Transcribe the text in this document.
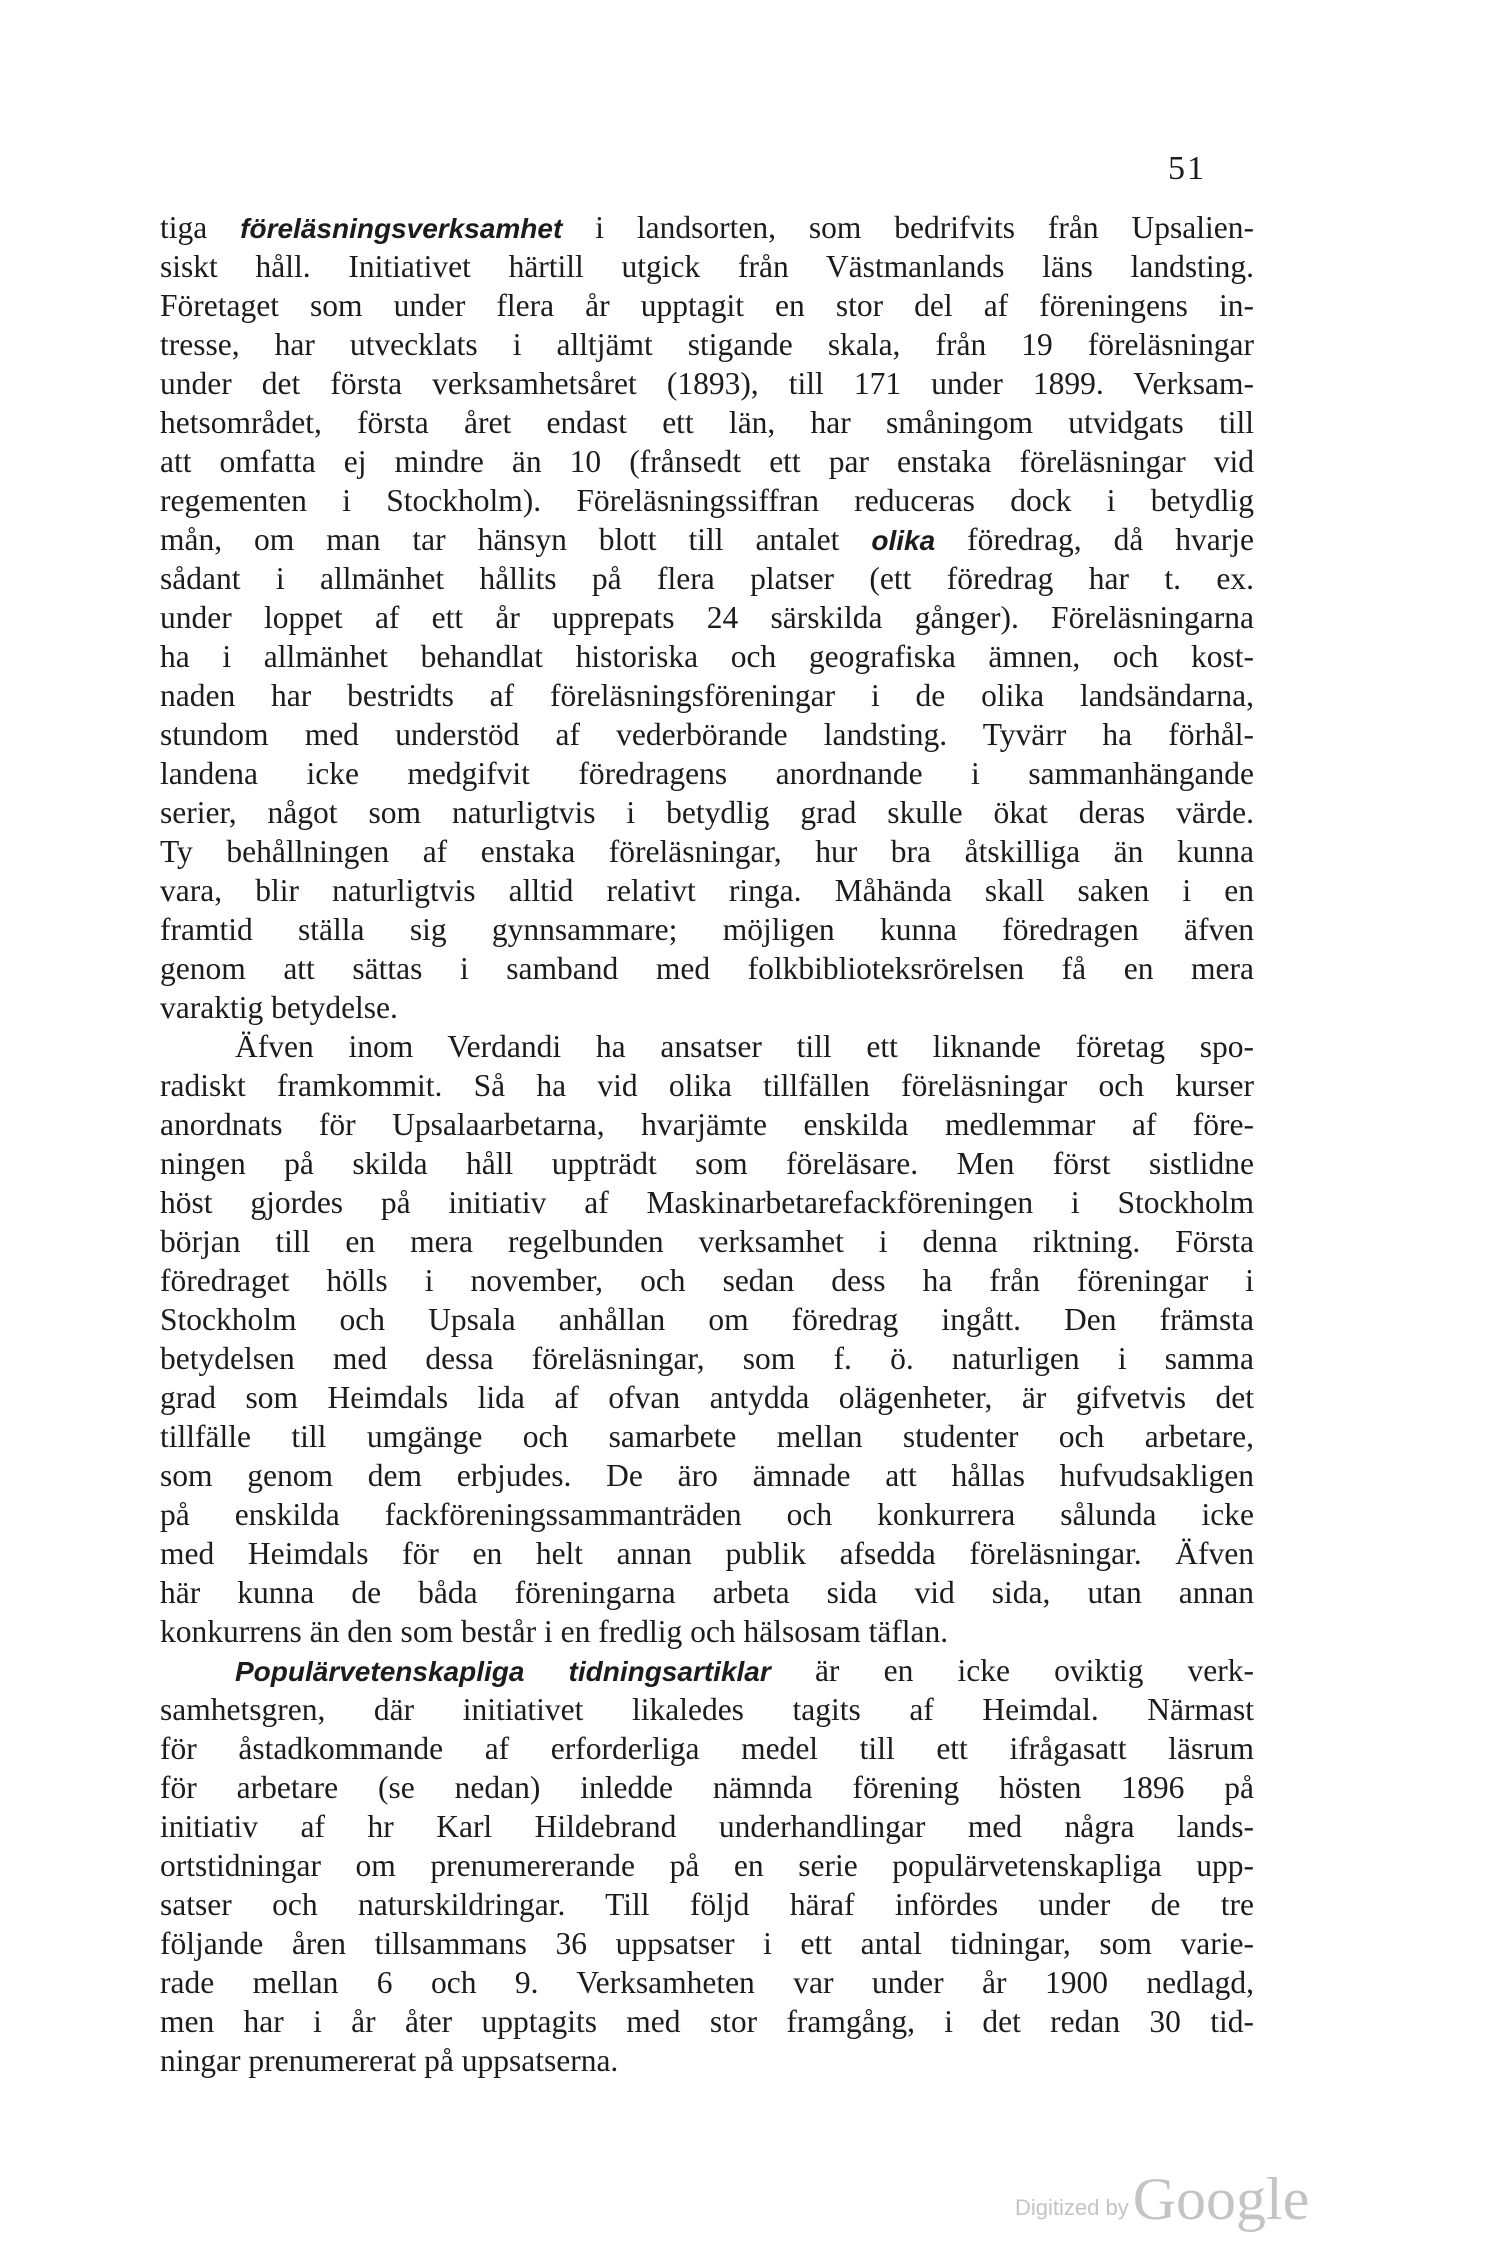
51
tiga föreläsningsverksamhet i landsorten, som bedrifvits från Upsalien-
siskt håll. Initiativet härtill utgick från Västmanlands läns landsting.
Företaget som under flera år upptagit en stor del af föreningens in-
tresse, har utvecklats i alltjämt stigande skala, från 19 föreläsningar
under det första verksamhetsåret (1893), till 171 under 1899. Verksam-
hetsområdet, första året endast ett län, har småningom utvidgats till
att omfatta ej mindre än 10 (frånsedt ett par enstaka föreläsningar vid
regementen i Stockholm). Föreläsningssiffran reduceras dock i betydlig
mån, om man tar hänsyn blott till antalet olika föredrag, då hvarje
sådant i allmänhet hållits på flera platser (ett föredrag har t. ex.
under loppet af ett år upprepats 24 särskilda gånger). Föreläsningarna
ha i allmänhet behandlat historiska och geografiska ämnen, och kost-
naden har bestridts af föreläsningsföreningar i de olika landsändarna,
stundom med understöd af vederbörande landsting. Tyvärr ha förhål-
landena icke medgifvit föredragens anordnande i sammanhängande
serier, något som naturligtvis i betydlig grad skulle ökat deras värde.
Ty behållningen af enstaka föreläsningar, hur bra åtskilliga än kunna
vara, blir naturligtvis alltid relativt ringa. Måhända skall saken i en
framtid ställa sig gynnsammare; möjligen kunna föredragen äfven
genom att sättas i samband med folkbiblioteksrörelsen få en mera
varaktig betydelse.
Äfven inom Verdandi ha ansatser till ett liknande företag spo-
radiskt framkommit. Så ha vid olika tillfällen föreläsningar och kurser
anordnats för Upsalaarbetarna, hvarjämte enskilda medlemmar af före-
ningen på skilda håll uppträdt som föreläsare. Men först sistlidne
höst gjordes på initiativ af Maskinarbetarefackföreningen i Stockholm
början till en mera regelbunden verksamhet i denna riktning. Första
föredraget hölls i november, och sedan dess ha från föreningar i
Stockholm och Upsala anhållan om föredrag ingått. Den främsta
betydelsen med dessa föreläsningar, som f. ö. naturligen i samma
grad som Heimdals lida af ofvan antydda olägenheter, är gifvetvis det
tillfälle till umgänge och samarbete mellan studenter och arbetare,
som genom dem erbjudes. De äro ämnade att hållas hufvudsakligen
på enskilda fackföreningssammanträden och konkurrera sålunda icke
med Heimdals för en helt annan publik afsedda föreläsningar. Äfven
här kunna de båda föreningarna arbeta sida vid sida, utan annan
konkurrens än den som består i en fredlig och hälsosam täflan.
Populärvetenskapliga tidningsartiklar är en icke oviktig verk-
samhetsgren, där initiativet likaledes tagits af Heimdal. Närmast
för åstadkommande af erforderliga medel till ett ifrågasatt läsrum
för arbetare (se nedan) inledde nämnda förening hösten 1896 på
initiativ af hr Karl Hildebrand underhandlingar med några lands-
ortstidningar om prenumererande på en serie populärvetenskapliga upp-
satser och naturskildringar. Till följd häraf infördes under de tre
följande åren tillsammans 36 uppsatser i ett antal tidningar, som varie-
rade mellan 6 och 9. Verksamheten var under år 1900 nedlagd,
men har i år åter upptagits med stor framgång, i det redan 30 tid-
ningar prenumererat på uppsatserna.
Digitized by Google
